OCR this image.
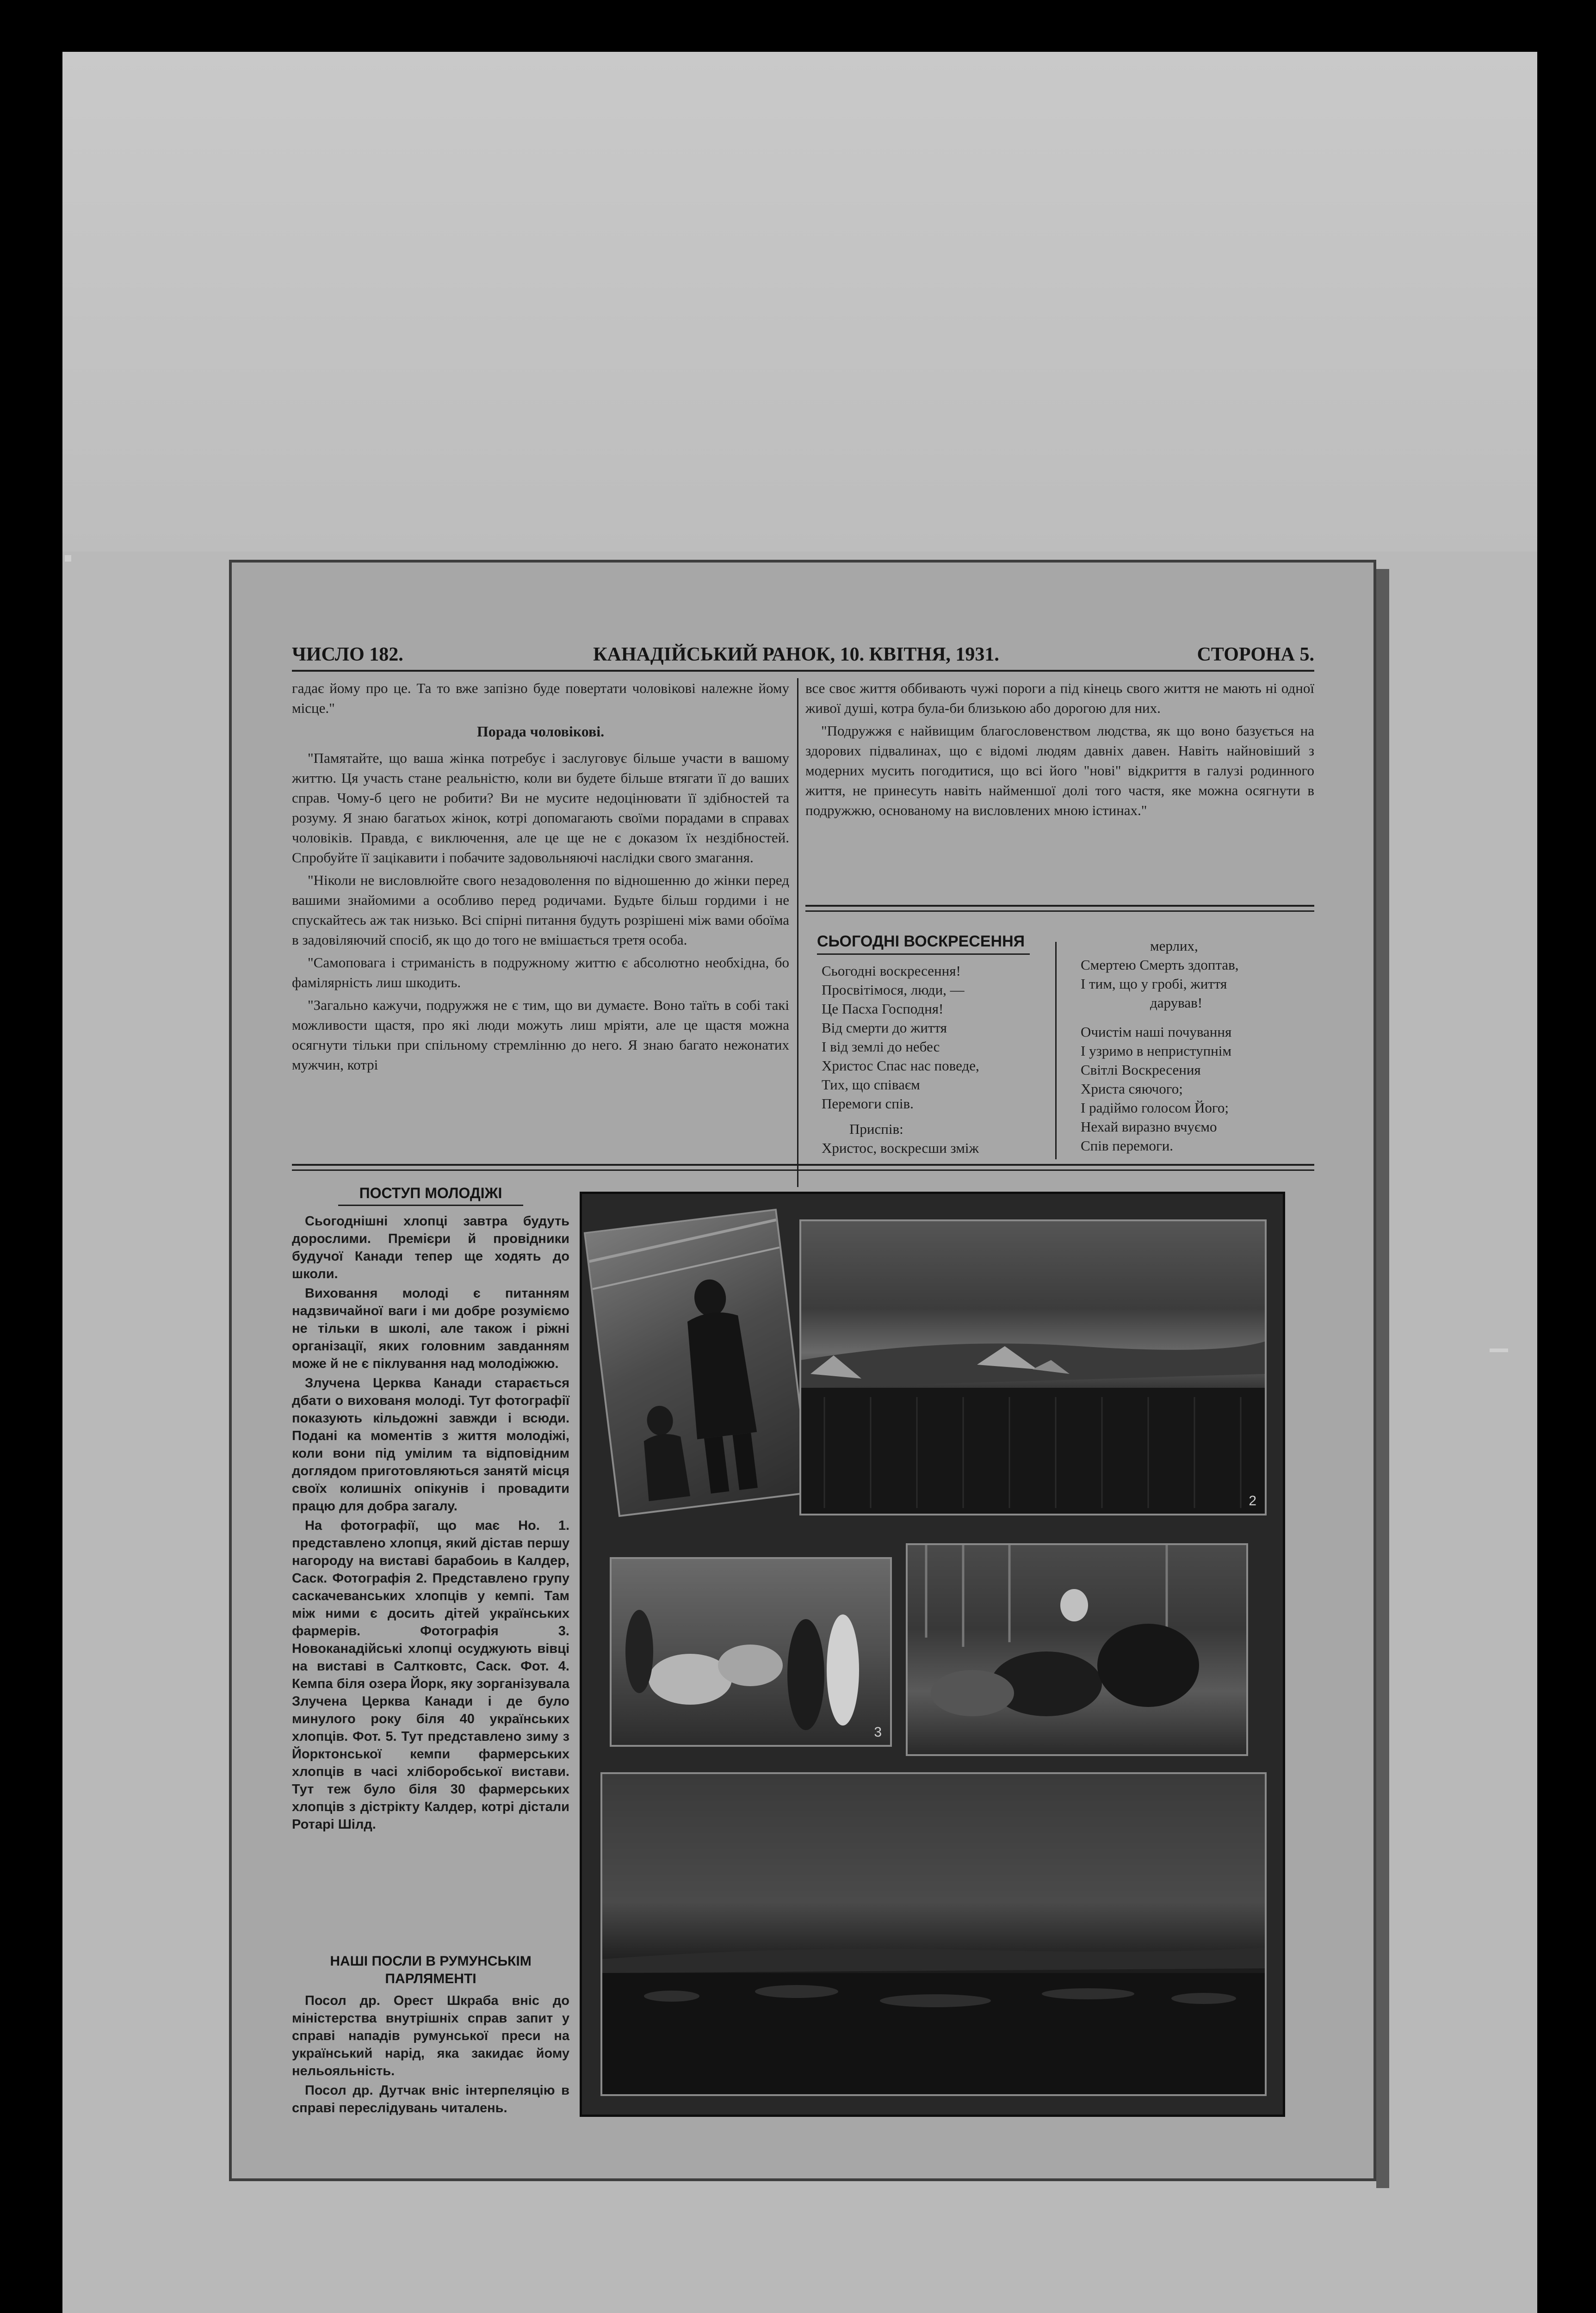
ЧИСЛО 182.	КАНАДІЙСЬКИЙ РАНОК, 10. КВІТНЯ, 1931.	СТОРОНА 5.

гадає йому про це. Та то вже запізно буде повертати чоловікові належне йому місце."

Порада чоловікові.

"Памятайте, що ваша жінка потребує і заслуговує більше участи в вашому життю. Ця участь стане реальністю, коли ви будете більше втягати її до ваших справ. Чому-б цего не робити? Ви не мусите недоцінювати її здібностей та розуму. Я знаю багатьох жінок, котрі допомагають своїми порадами в справах чоловіків. Правда, є виключення, але це ще не є доказом їх нездібностей. Спробуйте її зацікавити і побачите задовольняючі наслідки свого змагання.

"Ніколи не висловлюйте свого незадоволення по відношенню до жінки перед вашими знайомими а особливо перед родичами. Будьте більш гордими і не спускайтесь аж так низько. Всі спірні питання будуть розрішені між вами обоїма в задовіляючий спосіб, як що до того не вмішається третя особа.

"Самоповага і стриманість в подружному життю є абсолютно необхідна, бо фамілярність лиш шкодить.

"Загально кажучи, подружжя не є тим, що ви думаєте. Воно таїть в собі такі можливости щастя, про які люди можуть лиш мріяти, але це щастя можна осягнути тільки при спільному стремлінню до него. Я знаю багато нежонатих мужчин, котрі

все своє життя оббивають чужі пороги а під кінець свого життя не мають ні одної живої душі, котра була-би близькою або дорогою для них.

"Подружжя є найвищим благословенством людства, як що воно базується на здорових підвалинах, що є відомі людям давніх давен. Навіть найновіший з модерних мусить погодитися, що всі його "нові" відкриття в галузі родинного життя, не принесуть навіть найменшої долі того частя, яке можна осягнути в подружжю, основаному на висловлених мною істинах."

СЬОГОДНІ ВОСКРЕСЕННЯ
Сьогодні воскресення!
Просвітімося, люди, —
Це Пасха Господня!
Від смерти до життя
І від землі до небес
Христос Спас нас поведе,
Тих, що співаєм
Перемоги спів.
Приспів:
Христос, воскресши зміж
мерлих,
Смертею Смерть здоптав,
І тим, що у гробі, життя
дарував!
Очистім наші почування
І узримо в неприступнім
Світлі Воскресения
Христа сяючого;
І радіймо голосом Його;
Нехай виразно вчуємо
Спів перемоги.
ПОСТУП МОЛОДІЖІ

Сьогоднішні хлопці завтра будуть дорослими. Премієри й провідники будучої Канади тепер ще ходять до школи.

Виховання молоді є питанням надзвичайної ваги і ми добре розуміємо не тільки в школі, але також і ріжні організації, яких головним завданням може й не є піклування над молодіжжю.

Злучена Церква Канади старається дбати о вихованя молоді. Тут фотографії показують кільдожні завжди і всюди. Подані ка моментів з життя молодіжі, коли вони під умілим та відповідним доглядом приготовляються занятй місця своїх колишніх опікунів і провадити працю для добра загалу.

На фотографії, що має Но. 1. представлено хлопця, який дістав першу нагороду на виставі барабоиь в Калдер, Саск. Фотографія 2. Представлено групу саскачеванських хлопців у кемпі. Там між ними є досить дітей українських фармерів. Фотографія 3. Новоканадійські хлопці осуджують вівці на виставі в Салтковтс, Саск. Фот. 4. Кемпа біля озера Йорк, яку зорганізувала Злучена Церква Канади і де було минулого року біля 40 українських хлопців. Фот. 5. Тут представлено зиму з Йорктонської кемпи фармерських хлопців в часі хліборобської вистави. Тут теж було біля 30 фармерських хлопців з дістрікту Калдер, котрі дістали Ротарі Шілд.

НАШІ ПОСЛИ В РУМУНСЬКІМ ПАРЛЯМЕНТІ

Посол др. Орест Шкраба вніс до міністерства внутрішніх справ запит у справі нападів румунської преси на український нарід, яка закидає йому нельояльність.

Посол др. Дутчак вніс інтерпеляцію в справі переслідувань читалень.

2
3
